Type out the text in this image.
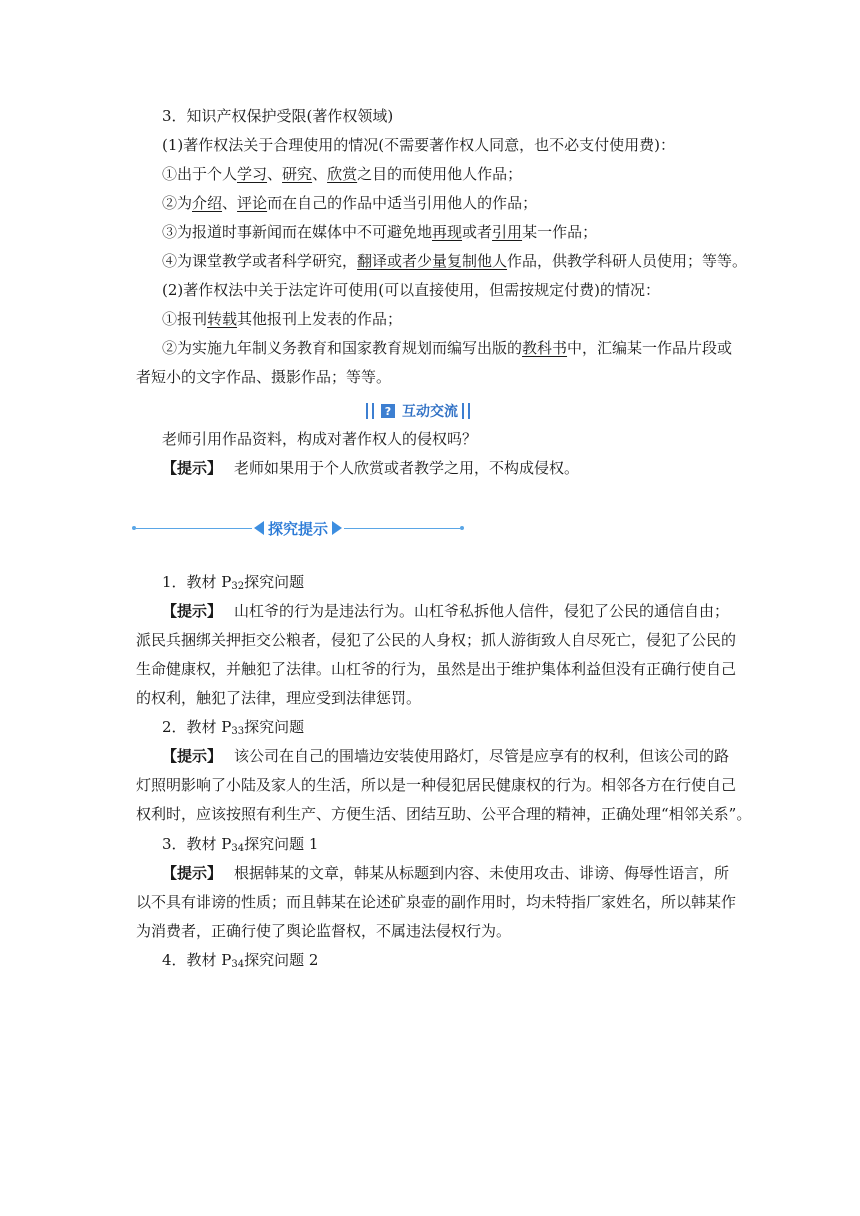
3．知识产权保护受限(著作权领域)
(1)著作权法关于合理使用的情况(不需要著作权人同意，也不必支付使用费)：
①出于个人学习、研究、欣赏之目的而使用他人作品；
②为介绍、评论而在自己的作品中适当引用他人的作品；
③为报道时事新闻而在媒体中不可避免地再现或者引用某一作品；
④为课堂教学或者科学研究，翻译或者少量复制他人作品，供教学科研人员使用；等等。
(2)著作权法中关于法定许可使用(可以直接使用，但需按规定付费)的情况：
①报刊转载其他报刊上发表的作品；
②为实施九年制义务教育和国家教育规划而编写出版的教科书中，汇编某一作品片段或
者短小的文字作品、摄影作品；等等。
? 互动交流
老师引用作品资料，构成对著作权人的侵权吗？
【提示】 老师如果用于个人欣赏或者教学之用，不构成侵权。
探究提示
1．教材 $P_{32}$探究问题
【提示】 山杠爷的行为是违法行为。山杠爷私拆他人信件，侵犯了公民的通信自由；
派民兵捆绑关押拒交公粮者，侵犯了公民的人身权；抓人游街致人自尽死亡，侵犯了公民的
生命健康权，并触犯了法律。山杠爷的行为，虽然是出于维护集体利益但没有正确行使自己
的权利，触犯了法律，理应受到法律惩罚。
2．教材 $P_{33}$探究问题
【提示】 该公司在自己的围墙边安装使用路灯，尽管是应享有的权利，但该公司的路
灯照明影响了小陆及家人的生活，所以是一种侵犯居民健康权的行为。相邻各方在行使自己
权利时，应该按照有利生产、方便生活、团结互助、公平合理的精神，正确处理“相邻关系”。
3．教材 $P_{34}$探究问题 1
【提示】 根据韩某的文章，韩某从标题到内容、未使用攻击、诽谤、侮辱性语言，所
以不具有诽谤的性质；而且韩某在论述矿泉壶的副作用时，均未特指厂家姓名，所以韩某作
为消费者，正确行使了舆论监督权，不属违法侵权行为。
4．教材 $P_{34}$探究问题 2
